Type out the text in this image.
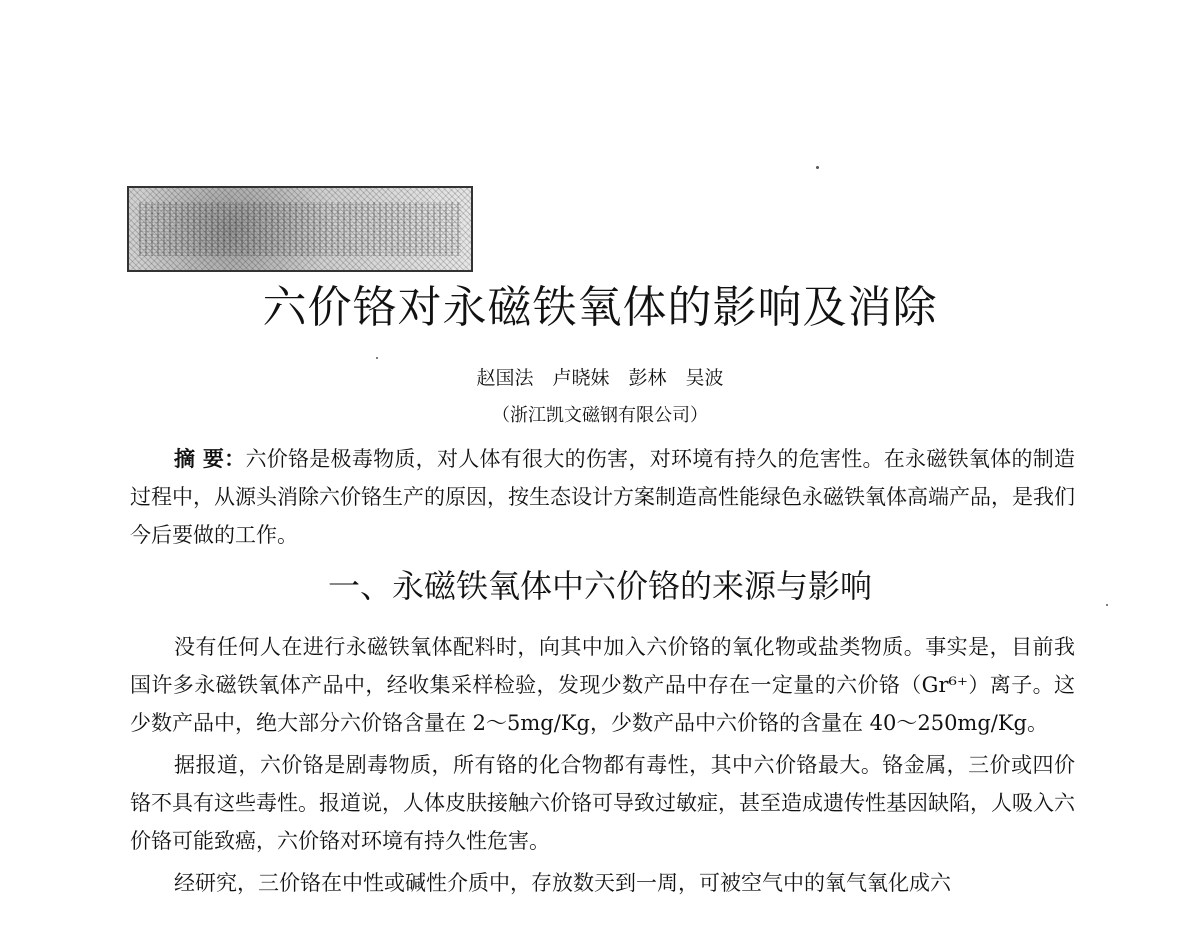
六价铬对永磁铁氧体的影响及消除
赵国法　卢晓妹　彭林　吴波
（浙江凯文磁钢有限公司）
摘 要：六价铬是极毒物质，对人体有很大的伤害，对环境有持久的危害性。在永磁铁氧体的制造过程中，从源头消除六价铬生产的原因，按生态设计方案制造高性能绿色永磁铁氧体高端产品，是我们今后要做的工作。
一、永磁铁氧体中六价铬的来源与影响

没有任何人在进行永磁铁氧体配料时，向其中加入六价铬的氧化物或盐类物质。事实是，目前我国许多永磁铁氧体产品中，经收集采样检验，发现少数产品中存在一定量的六价铬（Gr⁶⁺）离子。这少数产品中，绝大部分六价铬含量在 2～5mg/Kg，少数产品中六价铬的含量在 40～250mg/Kg。

据报道，六价铬是剧毒物质，所有铬的化合物都有毒性，其中六价铬最大。铬金属，三价或四价铬不具有这些毒性。报道说，人体皮肤接触六价铬可导致过敏症，甚至造成遗传性基因缺陷，人吸入六价铬可能致癌，六价铬对环境有持久性危害。

经研究，三价铬在中性或碱性介质中，存放数天到一周，可被空气中的氧气氧化成六
